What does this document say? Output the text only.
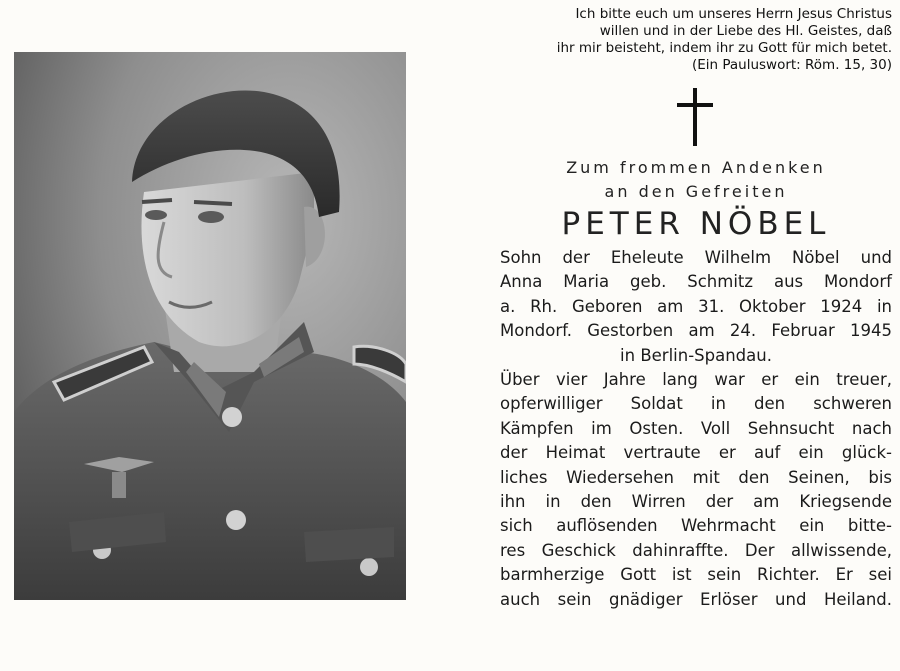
Ich bitte euch um unseres Herrn Jesus Christus
willen und in der Liebe des Hl. Geistes, daß
ihr mir beisteht, indem ihr zu Gott für mich betet.
(Ein Pauluswort: Röm. 15, 30)
Zum frommen Andenken
an den Gefreiten
PETER NÖBEL
Sohn der Eheleute Wilhelm Nöbel und
Anna Maria geb. Schmitz aus Mondorf
a. Rh. Geboren am 31. Oktober 1924 in
Mondorf. Gestorben am 24. Februar 1945
in Berlin-Spandau.
Über vier Jahre lang war er ein treuer,
opferwilliger Soldat in den schweren
Kämpfen im Osten. Voll Sehnsucht nach
der Heimat vertraute er auf ein glück-
liches Wiedersehen mit den Seinen, bis
ihn in den Wirren der am Kriegsende
sich auflösenden Wehrmacht ein bitte-
res Geschick dahinraffte. Der allwissende,
barmherzige Gott ist sein Richter. Er sei
auch sein gnädiger Erlöser und Heiland.
